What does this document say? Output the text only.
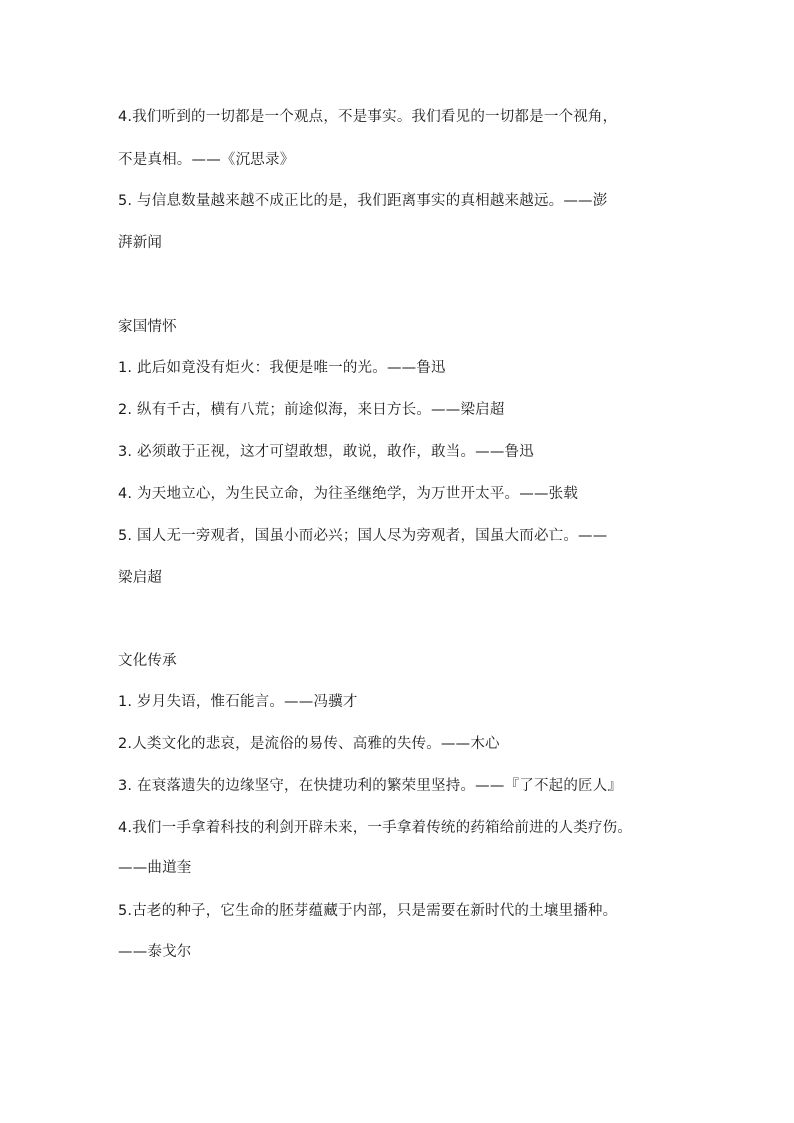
4.我们听到的一切都是一个观点，不是事实。我们看见的一切都是一个视角，
不是真相。——《沉思录》
5. 与信息数量越来越不成正比的是，我们距离事实的真相越来越远。——澎
湃新闻
家国情怀
1. 此后如竟没有炬火：我便是唯一的光。——鲁迅
2. 纵有千古，横有八荒；前途似海，来日方长。——梁启超
3. 必须敢于正视，这才可望敢想，敢说，敢作，敢当。——鲁迅
4. 为天地立心，为生民立命，为往圣继绝学，为万世开太平。——张载
5. 国人无一旁观者，国虽小而必兴；国人尽为旁观者，国虽大而必亡。——
梁启超
文化传承
1. 岁月失语，惟石能言。——冯骥才
2.人类文化的悲哀，是流俗的易传、高雅的失传。——木心
3. 在衰落遗失的边缘坚守，在快捷功利的繁荣里坚持。——『了不起的匠人』
4.我们一手拿着科技的利剑开辟未来，一手拿着传统的药箱给前进的人类疗伤。
——曲道奎
5.古老的种子，它生命的胚芽蕴藏于内部，只是需要在新时代的土壤里播种。
——泰戈尔
